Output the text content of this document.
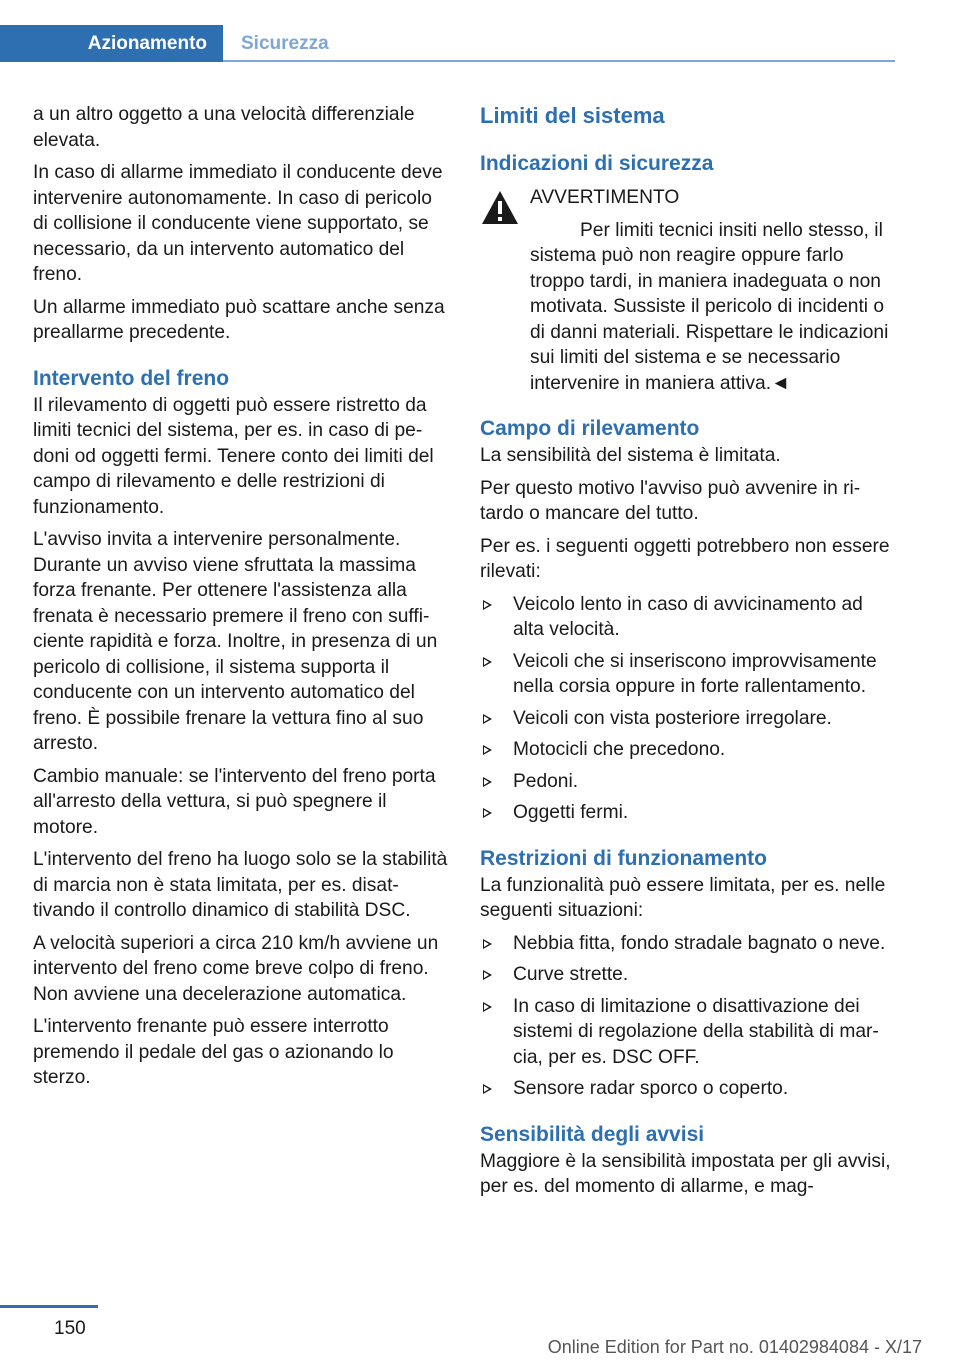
Azionamento	Sicurezza

a un altro oggetto a una velocità differenziale elevata.

In caso di allarme immediato il conducente deve intervenire autonomamente. In caso di pericolo di collisione il conducente viene supportato, se necessario, da un intervento automatico del freno.

Un allarme immediato può scattare anche senza preallarme precedente.

Intervento del freno

Il rilevamento di oggetti può essere ristretto da limiti tecnici del sistema, per es. in caso di pedoni od oggetti fermi. Tenere conto dei limiti del campo di rilevamento e delle restrizioni di funzionamento.

L'avviso invita a intervenire personalmente. Durante un avviso viene sfruttata la massima forza frenante. Per ottenere l'assistenza alla frenata è necessario premere il freno con sufficiente rapidità e forza. Inoltre, in presenza di un pericolo di collisione, il sistema supporta il conducente con un intervento automatico del freno. È possibile frenare la vettura fino al suo arresto.

Cambio manuale: se l'intervento del freno porta all'arresto della vettura, si può spegnere il motore.

L'intervento del freno ha luogo solo se la stabilità di marcia non è stata limitata, per es. disattivando il controllo dinamico di stabilità DSC.

A velocità superiori a circa 210 km/h avviene un intervento del freno come breve colpo di freno. Non avviene una decelerazione automatica.

L'intervento frenante può essere interrotto premendo il pedale del gas o azionando lo sterzo.

Limiti del sistema
Indicazioni di sicurezza

AVVERTIMENTO

Per limiti tecnici insiti nello stesso, il sistema può non reagire oppure farlo troppo tardi, in maniera inadeguata o non motivata. Sussiste il pericolo di incidenti o di danni materiali. Rispettare le indicazioni sui limiti del sistema e se necessario intervenire in maniera attiva.◄

Campo di rilevamento

La sensibilità del sistema è limitata.

Per questo motivo l'avviso può avvenire in ritardo o mancare del tutto.

Per es. i seguenti oggetti potrebbero non essere rilevati:

Veicolo lento in caso di avvicinamento ad alta velocità.
Veicoli che si inseriscono improvvisamente nella corsia oppure in forte rallentamento.
Veicoli con vista posteriore irregolare.
Motocicli che precedono.
Pedoni.
Oggetti fermi.
Restrizioni di funzionamento

La funzionalità può essere limitata, per es. nelle seguenti situazioni:

Nebbia fitta, fondo stradale bagnato o neve.
Curve strette.
In caso di limitazione o disattivazione dei sistemi di regolazione della stabilità di marcia, per es. DSC OFF.
Sensore radar sporco o coperto.
Sensibilità degli avvisi

Maggiore è la sensibilità impostata per gli avvisi, per es. del momento di allarme, e mag-

150
Online Edition for Part no. 01402984084 - X/17
